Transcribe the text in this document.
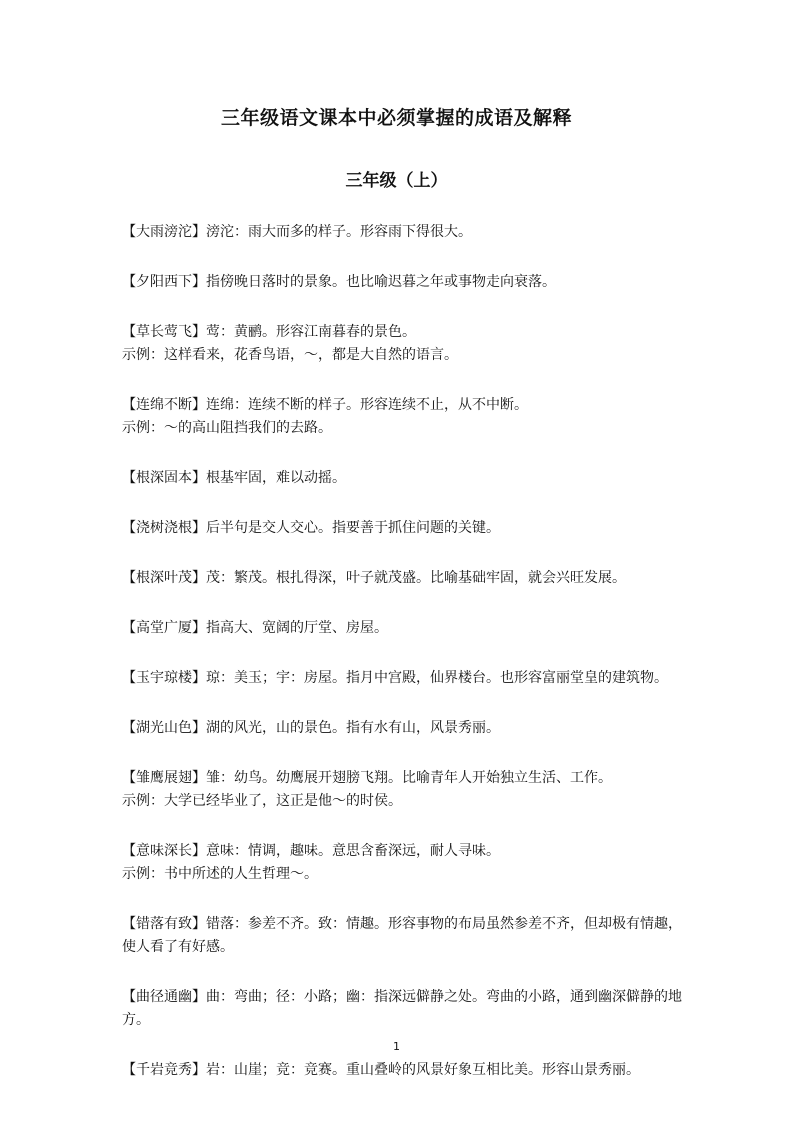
三年级语文课本中必须掌握的成语及解释
三年级（上）

【大雨滂沱】滂沱：雨大而多的样子。形容雨下得很大。

【夕阳西下】指傍晚日落时的景象。也比喻迟暮之年或事物走向衰落。

【草长莺飞】莺：黄鹂。形容江南暮春的景色。

示例：这样看来，花香鸟语，～，都是大自然的语言。

【连绵不断】连绵：连续不断的样子。形容连续不止，从不中断。

示例：～的高山阻挡我们的去路。

【根深固本】根基牢固，难以动摇。

【浇树浇根】后半句是交人交心。指要善于抓住问题的关键。

【根深叶茂】茂：繁茂。根扎得深，叶子就茂盛。比喻基础牢固，就会兴旺发展。

【高堂广厦】指高大、宽阔的厅堂、房屋。

【玉宇琼楼】琼：美玉；宇：房屋。指月中宫殿，仙界楼台。也形容富丽堂皇的建筑物。

【湖光山色】湖的风光，山的景色。指有水有山，风景秀丽。

【雏鹰展翅】雏：幼鸟。幼鹰展开翅膀飞翔。比喻青年人开始独立生活、工作。

示例：大学已经毕业了，这正是他～的时侯。

【意味深长】意味：情调，趣味。意思含畜深远，耐人寻味。

示例：书中所述的人生哲理～。

【错落有致】错落：参差不齐。致：情趣。形容事物的布局虽然参差不齐，但却极有情趣，使人看了有好感。

【曲径通幽】曲：弯曲；径：小路；幽：指深远僻静之处。弯曲的小路，通到幽深僻静的地方。

【千岩竞秀】岩：山崖；竞：竞赛。重山叠岭的风景好象互相比美。形容山景秀丽。

1
